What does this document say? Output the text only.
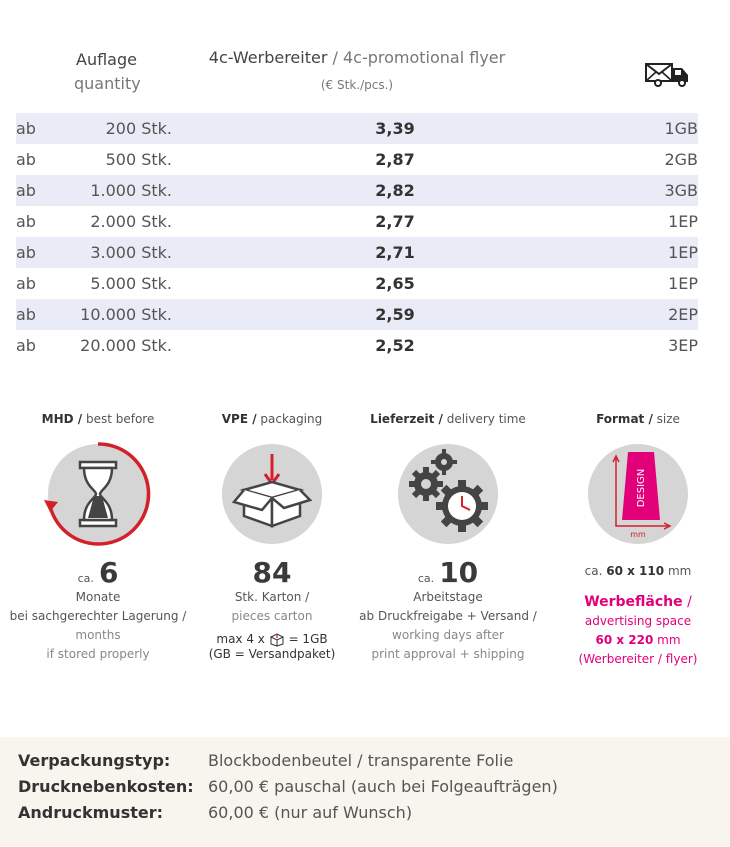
Auflage
quantity
4c-Werbereiter / 4c-promotional flyer
(€ Stk./pcs.)
ab	200 Stk.	3,39	1GB
ab	500 Stk.	2,87	2GB
ab	1.000 Stk.	2,82	3GB
ab	2.000 Stk.	2,77	1EP
ab	3.000 Stk.	2,71	1EP
ab	5.000 Stk.	2,65	1EP
ab	10.000 Stk.	2,59	2EP
ab	20.000 Stk.	2,52	3EP
MHD / best before
ca. 6
Monate
bei sachgerechter Lagerung /
months
if stored properly
VPE / packaging
84
Stk. Karton /
pieces carton
max 4 x = 1GB
(GB = Versandpaket)
Lieferzeit / delivery time
ca. 10
Arbeitstage
ab Druckfreigabe + Versand /
working days after
print approval + shipping
Format / size
DESIGN
mm
ca. 60 x 110 mm
Werbefläche /
advertising space
60 x 220 mm
(Werbereiter / flyer)
Verpackungstyp:	Blockbodenbeutel / transparente Folie
Drucknebenkosten: 60,00 € pauschal (auch bei Folgeaufträgen)
Andruckmuster:	60,00 € (nur auf Wunsch)
